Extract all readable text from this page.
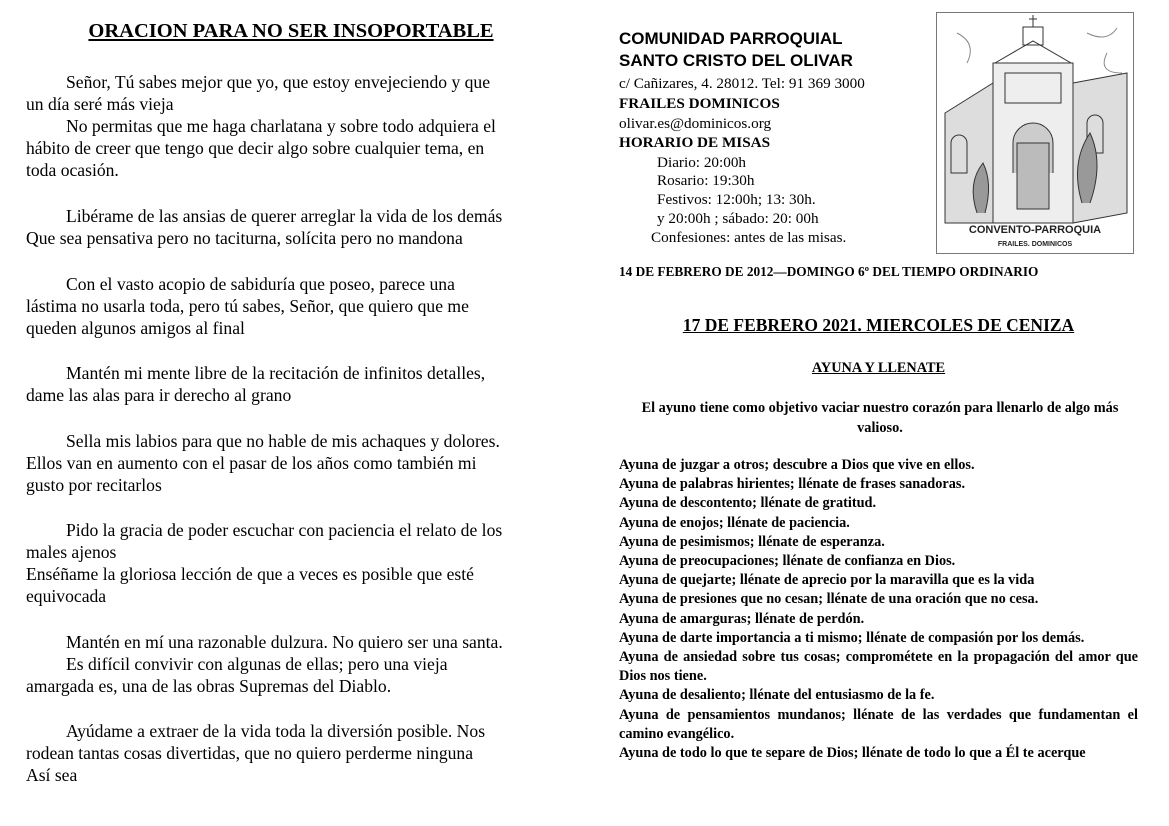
ORACION PARA NO SER INSOPORTABLE
Señor, Tú sabes mejor que yo, que estoy envejeciendo y que
un día seré más vieja
No permitas que me haga charlatana y sobre todo adquiera el
hábito de creer que tengo que decir algo sobre cualquier tema, en
toda ocasión.
Libérame de las ansias de querer arreglar la vida de los demás
Que sea pensativa pero no taciturna, solícita pero no mandona
Con el vasto acopio de sabiduría que poseo, parece una
lástima no usarla toda, pero tú sabes, Señor, que quiero que me
queden algunos amigos al final
Mantén mi mente libre de la recitación de infinitos detalles,
dame las alas para ir derecho al grano
Sella mis labios para que no hable de mis achaques y dolores.
Ellos van en aumento con el pasar de los años como también mi
gusto por recitarlos
Pido la gracia de poder escuchar con paciencia el relato de los
males ajenos
Enséñame la gloriosa lección de que a veces es posible que esté
equivocada
Mantén en mí una razonable dulzura. No quiero ser una santa.
Es difícil convivir con algunas de ellas; pero una vieja
amargada es, una de las obras Supremas del Diablo.
Ayúdame a extraer de la vida toda la diversión posible. Nos
rodean tantas cosas divertidas, que no quiero perderme ninguna
Así sea
COMUNIDAD PARROQUIAL
SANTO CRISTO DEL OLIVAR
c/ Cañizares, 4. 28012. Tel: 91 369 3000
FRAILES DOMINICOS
olivar.es@dominicos.org
HORARIO DE MISAS
Diario: 20:00h
Rosario: 19:30h
Festivos: 12:00h; 13: 30h.
y 20:00h ; sábado: 20: 00h
Confesiones: antes de las misas.	CONVENTO-PARROQUIA
FRAILES. DOMINICOS
14 DE FEBRERO DE 2012—DOMINGO 6º DEL TIEMPO ORDINARIO
17 DE FEBRERO 2021. MIERCOLES DE CENIZA
AYUNA Y LLENATE
El ayuno tiene como objetivo vaciar nuestro corazón para llenarlo de algo más valioso.
Ayuna de juzgar a otros; descubre a Dios que vive en ellos.
Ayuna de palabras hirientes; llénate de frases sanadoras.
Ayuna de descontento; llénate de gratitud.
Ayuna de enojos; llénate de paciencia.
Ayuna de pesimismos; llénate de esperanza.
Ayuna de preocupaciones; llénate de confianza en Dios.
Ayuna de quejarte; llénate de aprecio por la maravilla que es la vida
Ayuna de presiones que no cesan; llénate de una oración que no cesa.
Ayuna de amarguras; llénate de perdón.
Ayuna de darte importancia a ti mismo; llénate de compasión por los demás.
Ayuna de ansiedad sobre tus cosas; comprométete en la propagación del amor que Dios nos tiene.
Ayuna de desaliento; llénate del entusiasmo de la fe.
Ayuna de pensamientos mundanos; llénate de las verdades que fundamentan el camino evangélico.
Ayuna de todo lo que te separe de Dios; llénate de todo lo que a Él te acerque
